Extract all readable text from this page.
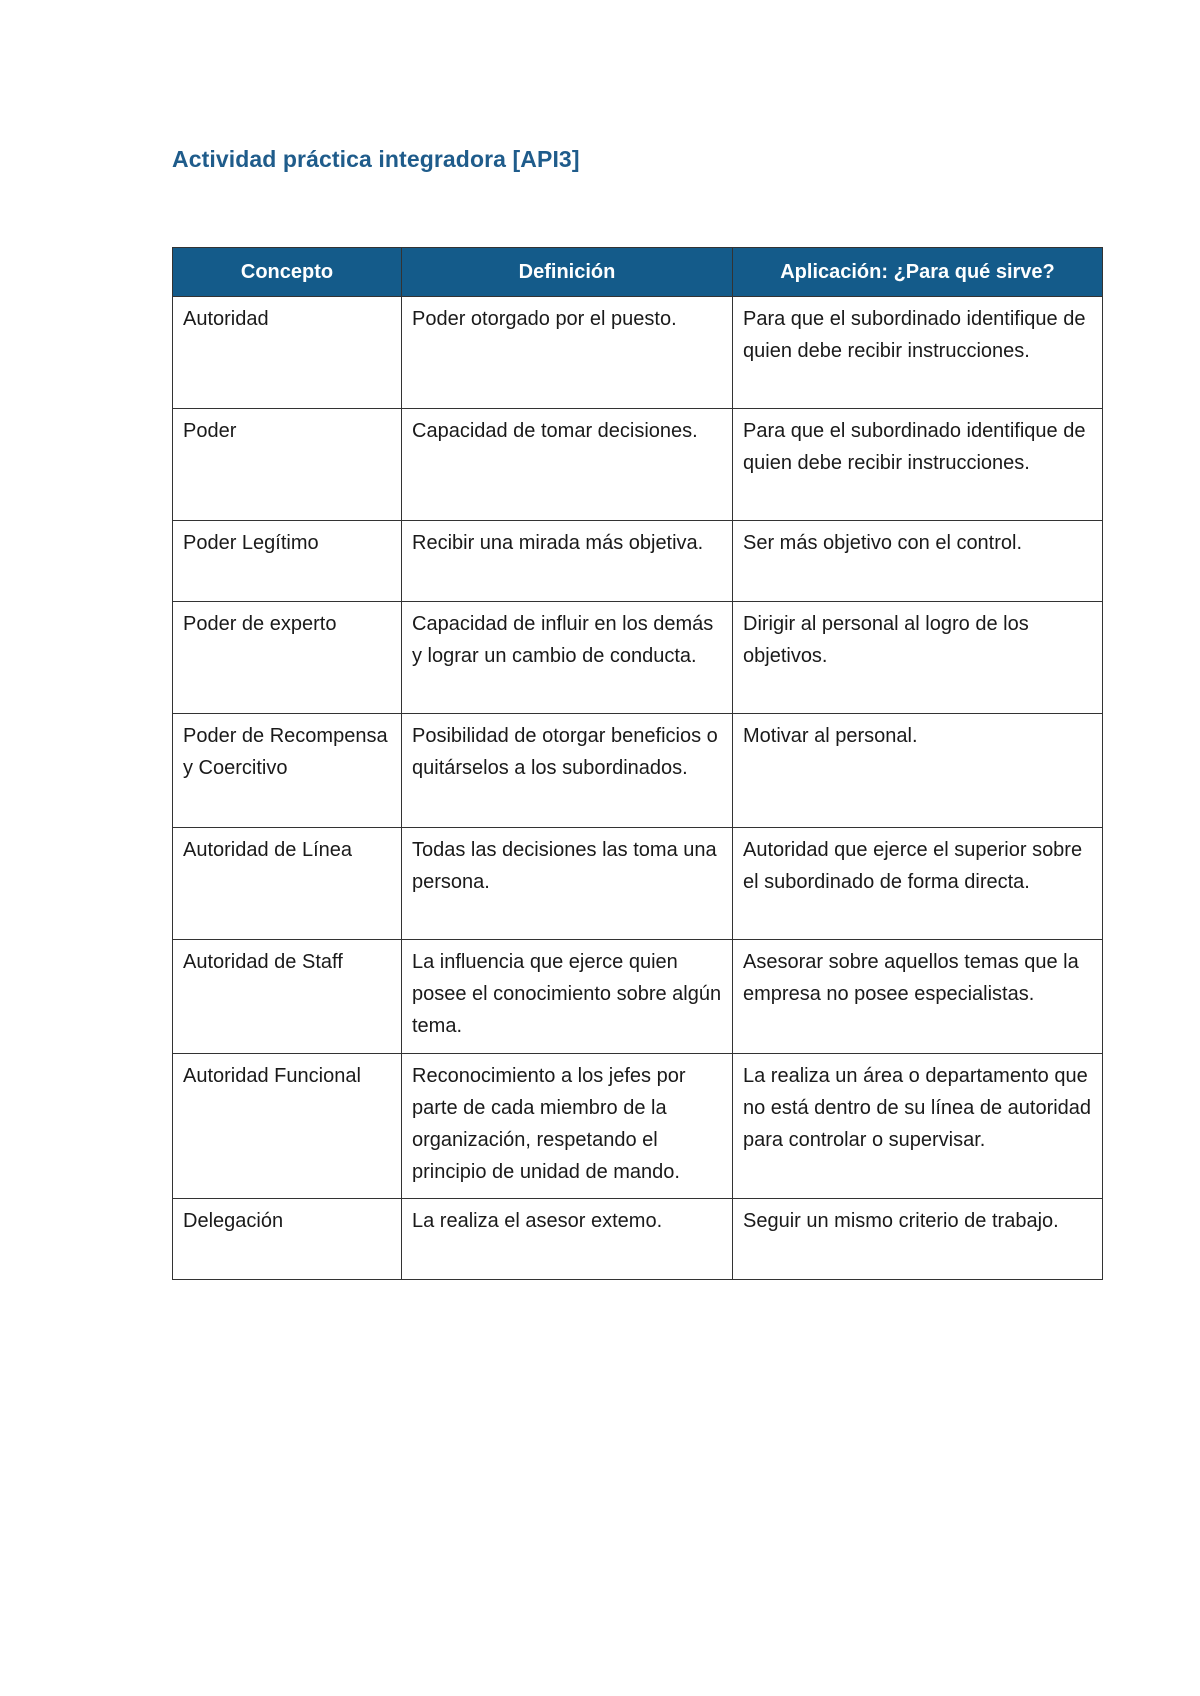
Actividad práctica integradora [API3]
Concepto	Definición	Aplicación: ¿Para qué sirve?
Autoridad	Poder otorgado por el puesto.	Para que el subordinado identifique de quien debe recibir instrucciones.
Poder	Capacidad de tomar decisiones.	Para que el subordinado identifique de quien debe recibir instrucciones.
Poder Legítimo	Recibir una mirada más objetiva.	Ser más objetivo con el control.
Poder de experto	Capacidad de influir en los demás y lograr un cambio de conducta.	Dirigir al personal al logro de los objetivos.
Poder de Recompensa y Coercitivo	Posibilidad de otorgar beneficios o quitárselos a los subordinados.	Motivar al personal.
Autoridad de Línea	Todas las decisiones las toma una persona.	Autoridad que ejerce el superior sobre el subordinado de forma directa.
Autoridad de Staff	La influencia que ejerce quien posee el conocimiento sobre algún tema.	Asesorar sobre aquellos temas que la empresa no posee especialistas.
Autoridad Funcional	Reconocimiento a los jefes por parte de cada miembro de la organización, respetando el principio de unidad de mando.	La realiza un área o departamento que no está dentro de su línea de autoridad para controlar o supervisar.
Delegación	La realiza el asesor extemo.	Seguir un mismo criterio de trabajo.
